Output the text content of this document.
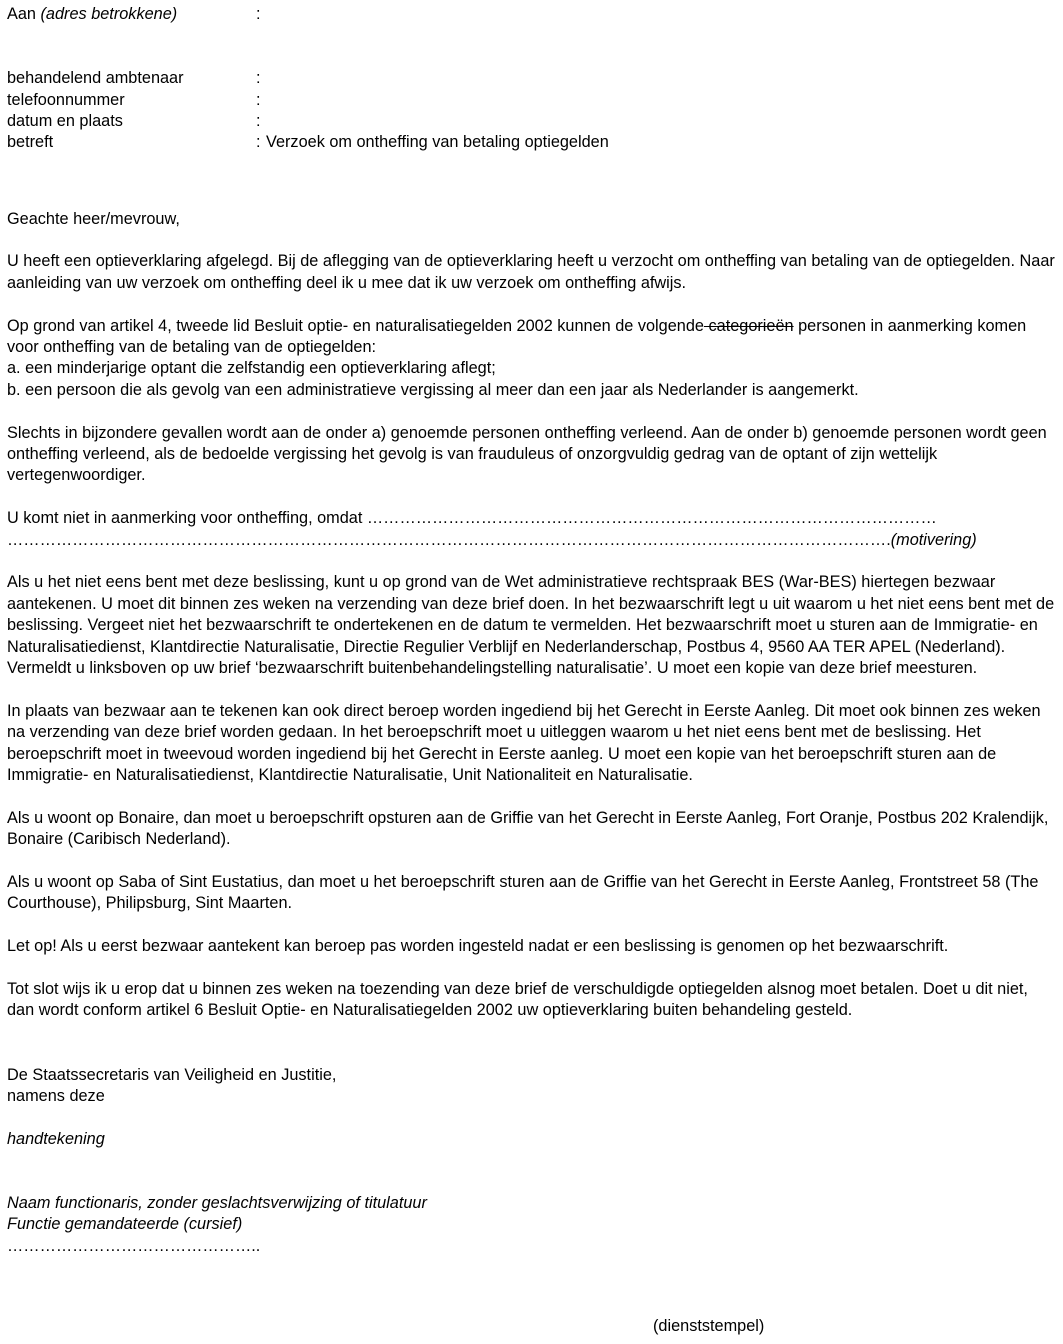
Aan (adres betrokkene)	:
behandelend ambtenaar	:
telefoonnummer	:
datum en plaats	:
betreft	: Verzoek om ontheffing van betaling optiegelden

Geachte heer/mevrouw,

U heeft een optieverklaring afgelegd. Bij de aflegging van de optieverklaring heeft u verzocht om ontheffing van betaling van de optiegelden. Naar aanleiding van uw verzoek om ontheffing deel ik u mee dat ik uw verzoek om ontheffing afwijs.

Op grond van artikel 4, tweede lid Besluit optie- en naturalisatiegelden 2002 kunnen de volgende categorieën personen in aanmerking komen voor ontheffing van de betaling van de optiegelden:

a. een minderjarige optant die zelfstandig een optieverklaring aflegt;

b. een persoon die als gevolg van een administratieve vergissing al meer dan een jaar als Nederlander is aangemerkt.

Slechts in bijzondere gevallen wordt aan de onder a) genoemde personen ontheffing verleend. Aan de onder b) genoemde personen wordt geen ontheffing verleend, als de bedoelde vergissing het gevolg is van frauduleus of onzorgvuldig gedrag van de optant of zijn wettelijk vertegenwoordiger.

U komt niet in aanmerking voor ontheffing, omdat ……………………………………………………………………………………………
……………………………………………………………………………………………………………………………………………….(motivering)

Als u het niet eens bent met deze beslissing, kunt u op grond van de Wet administratieve rechtspraak BES (War-BES) hiertegen bezwaar aantekenen. U moet dit binnen zes weken na verzending van deze brief doen. In het bezwaarschrift legt u uit waarom u het niet eens bent met de beslissing. Vergeet niet het bezwaarschrift te ondertekenen en de datum te vermelden. Het bezwaarschrift moet u sturen aan de Immigratie- en Naturalisatiedienst, Klantdirectie Naturalisatie, Directie Regulier Verblijf en Nederlanderschap, Postbus 4, 9560 AA TER APEL (Nederland). Vermeldt u linksboven op uw brief ‘bezwaarschrift buitenbehandelingstelling naturalisatie’. U moet een kopie van deze brief meesturen.

In plaats van bezwaar aan te tekenen kan ook direct beroep worden ingediend bij het Gerecht in Eerste Aanleg. Dit moet ook binnen zes weken na verzending van deze brief worden gedaan. In het beroepschrift moet u uitleggen waarom u het niet eens bent met de beslissing. Het beroepschrift moet in tweevoud worden ingediend bij het Gerecht in Eerste aanleg. U moet een kopie van het beroepschrift sturen aan de Immigratie- en Naturalisatiedienst, Klantdirectie Naturalisatie, Unit Nationaliteit en Naturalisatie.

Als u woont op Bonaire, dan moet u beroepschrift opsturen aan de Griffie van het Gerecht in Eerste Aanleg, Fort Oranje, Postbus 202 Kralendijk, Bonaire (Caribisch Nederland).

Als u woont op Saba of Sint Eustatius, dan moet u het beroepschrift sturen aan de Griffie van het Gerecht in Eerste Aanleg, Frontstreet 58 (The Courthouse), Philipsburg, Sint Maarten.

Let op! Als u eerst bezwaar aantekent kan beroep pas worden ingesteld nadat er een beslissing is genomen op het bezwaarschrift.

Tot slot wijs ik u erop dat u binnen zes weken na toezending van deze brief de verschuldigde optiegelden alsnog moet betalen. Doet u dit niet, dan wordt conform artikel 6 Besluit Optie- en Naturalisatiegelden 2002 uw optieverklaring buiten behandeling gesteld.

De Staatssecretaris van Veiligheid en Justitie,

namens deze

handtekening

Naam functionaris, zonder geslachtsverwijzing of titulatuur

Functie gemandateerde (cursief)

………………………………………..

(dienststempel)
